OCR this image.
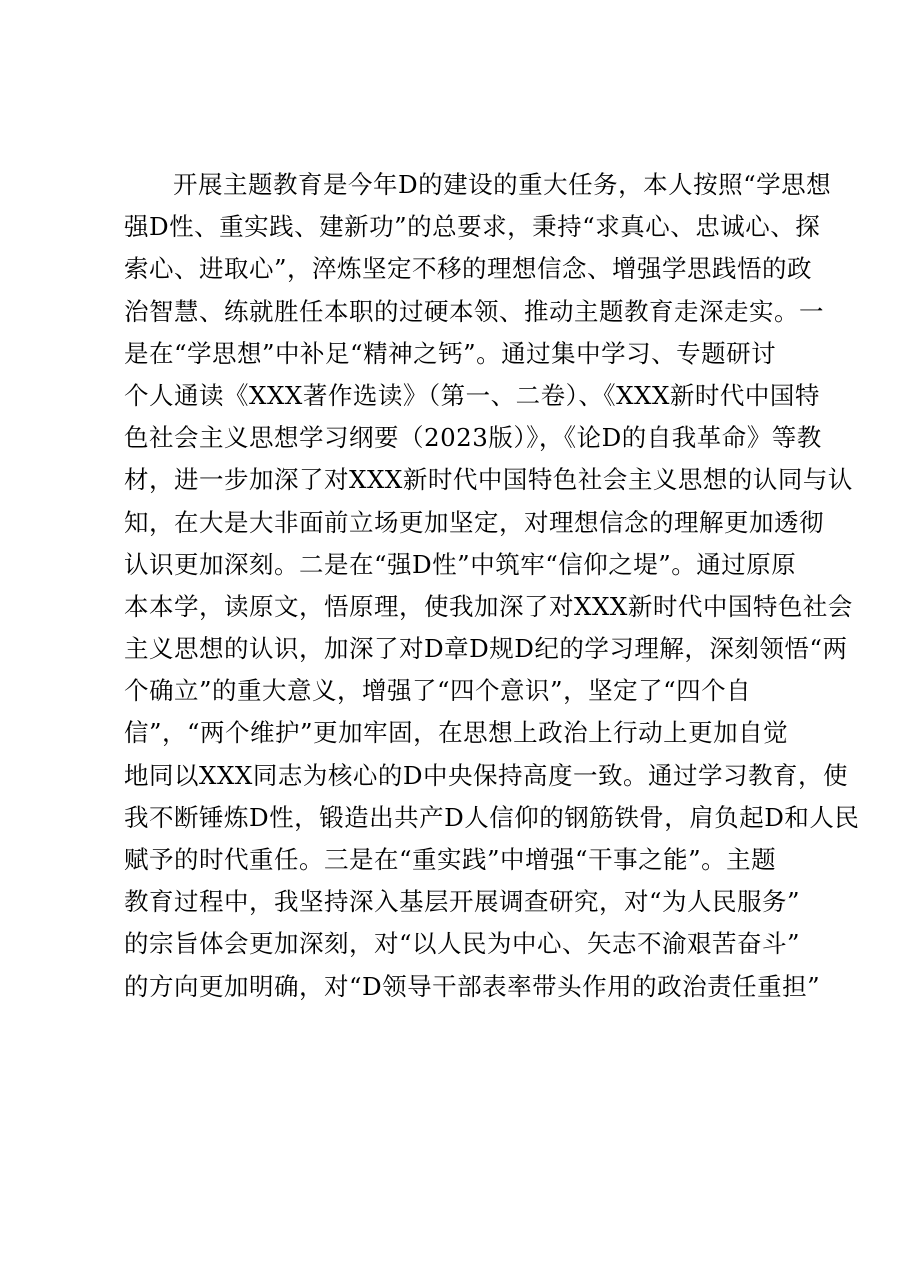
开展主题教育是今年D的建设的重大任务，本人按照“学思想
强D性、重实践、建新功”的总要求，秉持“求真心、忠诚心、探
索心、进取心”，淬炼坚定不移的理想信念、增强学思践悟的政
治智慧、练就胜任本职的过硬本领、推动主题教育走深走实。一
是在“学思想”中补足“精神之钙”。通过集中学习、专题研讨
个人通读《XXX著作选读》（第一、二卷）、《XXX新时代中国特
色社会主义思想学习纲要（2023版）》，《论D的自我革命》等教
材，进一步加深了对XXX新时代中国特色社会主义思想的认同与认
知，在大是大非面前立场更加坚定，对理想信念的理解更加透彻
认识更加深刻。二是在“强D性”中筑牢“信仰之堤”。通过原原
本本学，读原文，悟原理，使我加深了对XXX新时代中国特色社会
主义思想的认识，加深了对D章D规D纪的学习理解，深刻领悟“两
个确立”的重大意义，增强了“四个意识”，坚定了“四个自
信”，“两个维护”更加牢固，在思想上政治上行动上更加自觉
地同以XXX同志为核心的D中央保持高度一致。通过学习教育，使
我不断锤炼D性，锻造出共产D人信仰的钢筋铁骨，肩负起D和人民
赋予的时代重任。三是在“重实践”中增强“干事之能”。主题
教育过程中，我坚持深入基层开展调查研究，对“为人民服务”
的宗旨体会更加深刻，对“以人民为中心、矢志不渝艰苦奋斗”
的方向更加明确，对“D领导干部表率带头作用的政治责任重担”
